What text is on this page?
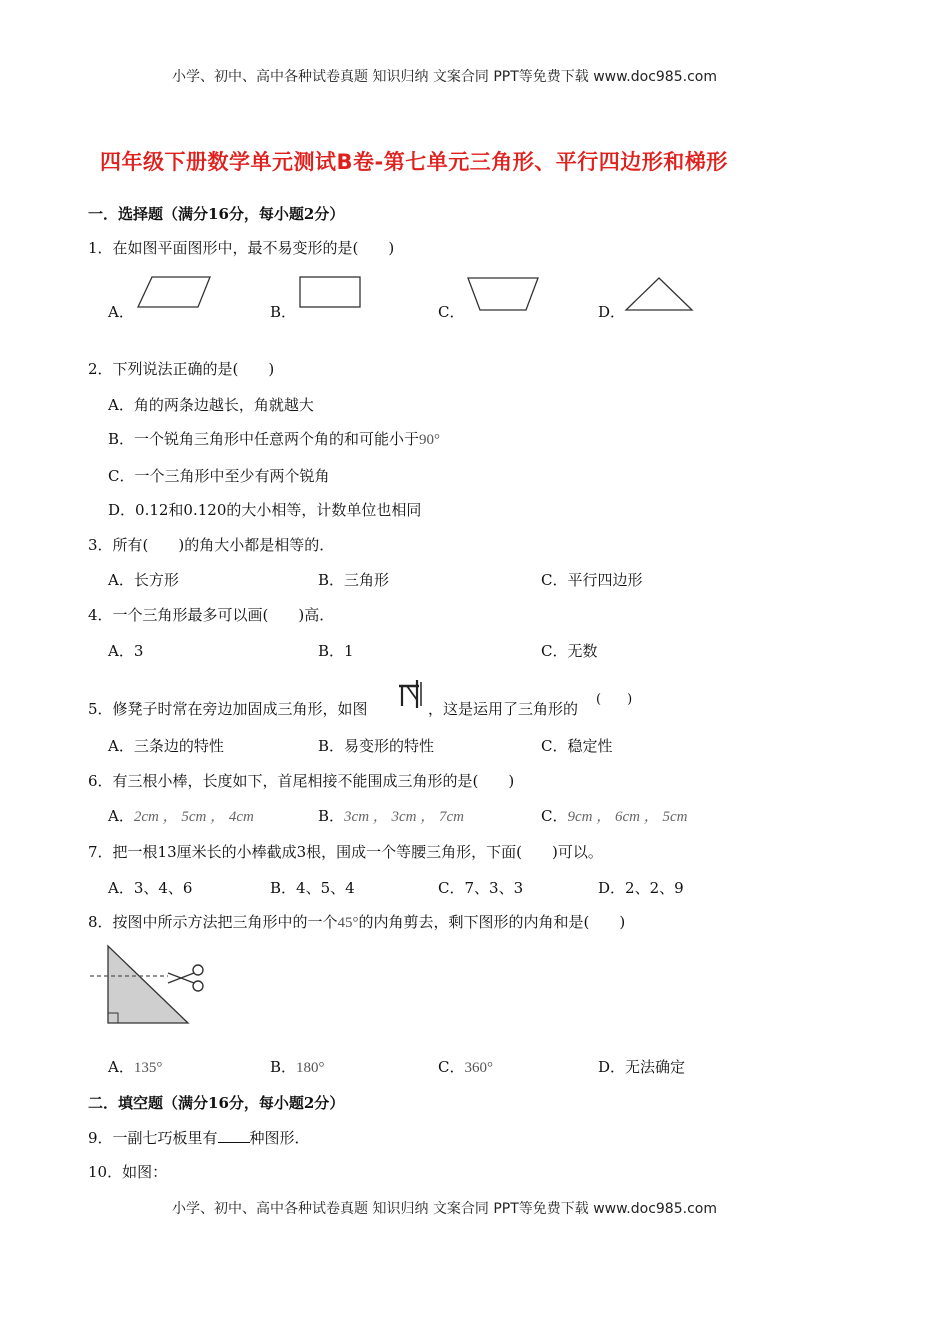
小学、初中、高中各种试卷真题 知识归纳 文案合同 PPT等免费下载 www.doc985.com
四年级下册数学单元测试B卷-第七单元三角形、平行四边形和梯形
一．选择题（满分16分，每小题2分）
1．在如图平面图形中，最不易变形的是(　　)
A．	B．	C．	D．
2．下列说法正确的是(　　)
A．角的两条边越长，角就越大
B．一个锐角三角形中任意两个角的和可能小于90°
C．一个三角形中至少有两个锐角
D．0.12和0.120的大小相等，计数单位也相同
3．所有(　　)的角大小都是相等的．
A．长方形	B．三角形	C．平行四边形
4．一个三角形最多可以画(　　)高．
A．3	B．1	C．无数
5．修凳子时常在旁边加固成三角形，如图	，这是运用了三角形的
(　　)
A．三条边的特性	B．易变形的特性	C．稳定性
6．有三根小棒，长度如下，首尾相接不能围成三角形的是(　　)
A．2cm ， 5cm ， 4cm	B．3cm ， 3cm ， 7cm	C．9cm ， 6cm ， 5cm
7．把一根13厘米长的小棒截成3根，围成一个等腰三角形，下面(　　)可以。
A．3、4、6	B．4、5、4	C．7、3、3	D．2、2、9
8．按图中所示方法把三角形中的一个45°的内角剪去，剩下图形的内角和是(　　)
A．135°	B．180°	C．360°	D．无法确定
二．填空题（满分16分，每小题2分）
9．一副七巧板里有 种图形．
10．如图：
小学、初中、高中各种试卷真题 知识归纳 文案合同 PPT等免费下载 www.doc985.com
